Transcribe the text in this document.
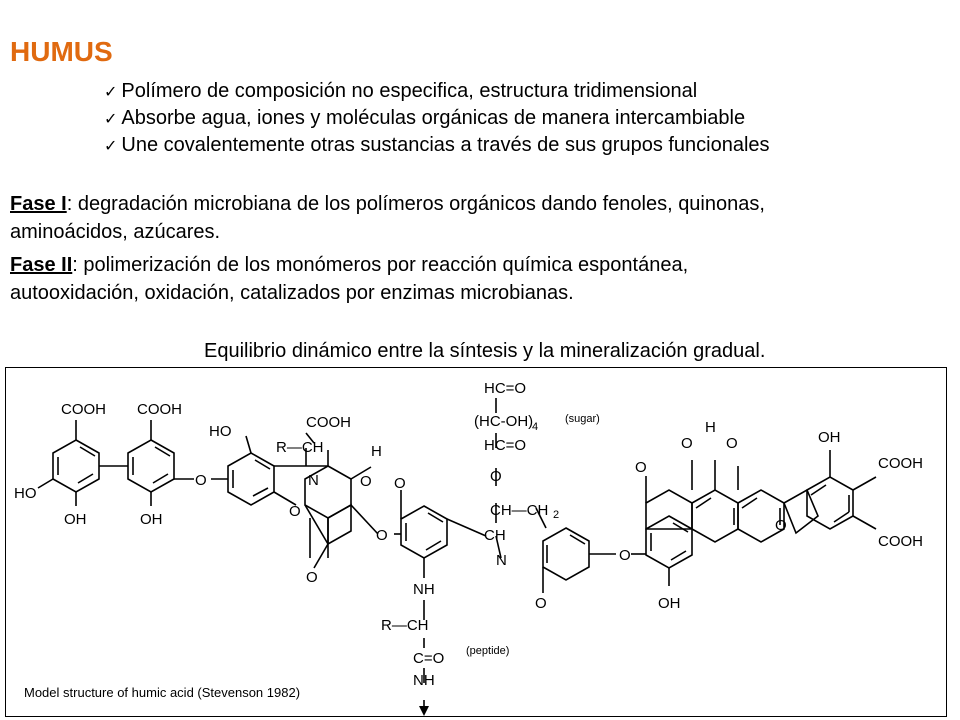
HUMUS
✓ Polímero de composición no especifica, estructura tridimensional
✓ Absorbe agua, iones y moléculas orgánicas de manera intercambiable
✓ Une covalentemente otras sustancias a través de sus grupos funcionales
Fase I: degradación microbiana de los polímeros orgánicos dando fenoles, quinonas,
aminoácidos, azúcares.
Fase II: polimerización de los monómeros por reacción química espontánea,
autooxidación, oxidación, catalizados por enzimas microbianas.
Equilibrio dinámico entre la síntesis y la mineralización gradual.
COOH COOH
HO
OH	OH
O
HO
R—CH
COOH
N
O
O
H
O O
O
NH
R—CH
C=O
NH
(peptide)
HC=O
(HC-OH)
4
(sugar)
HC=O
O
CH—CH 2
CH
N
O
O
OH
O
O
H
O
O
OH
COOH
COOH
Model structure of humic acid (Stevenson 1982)
